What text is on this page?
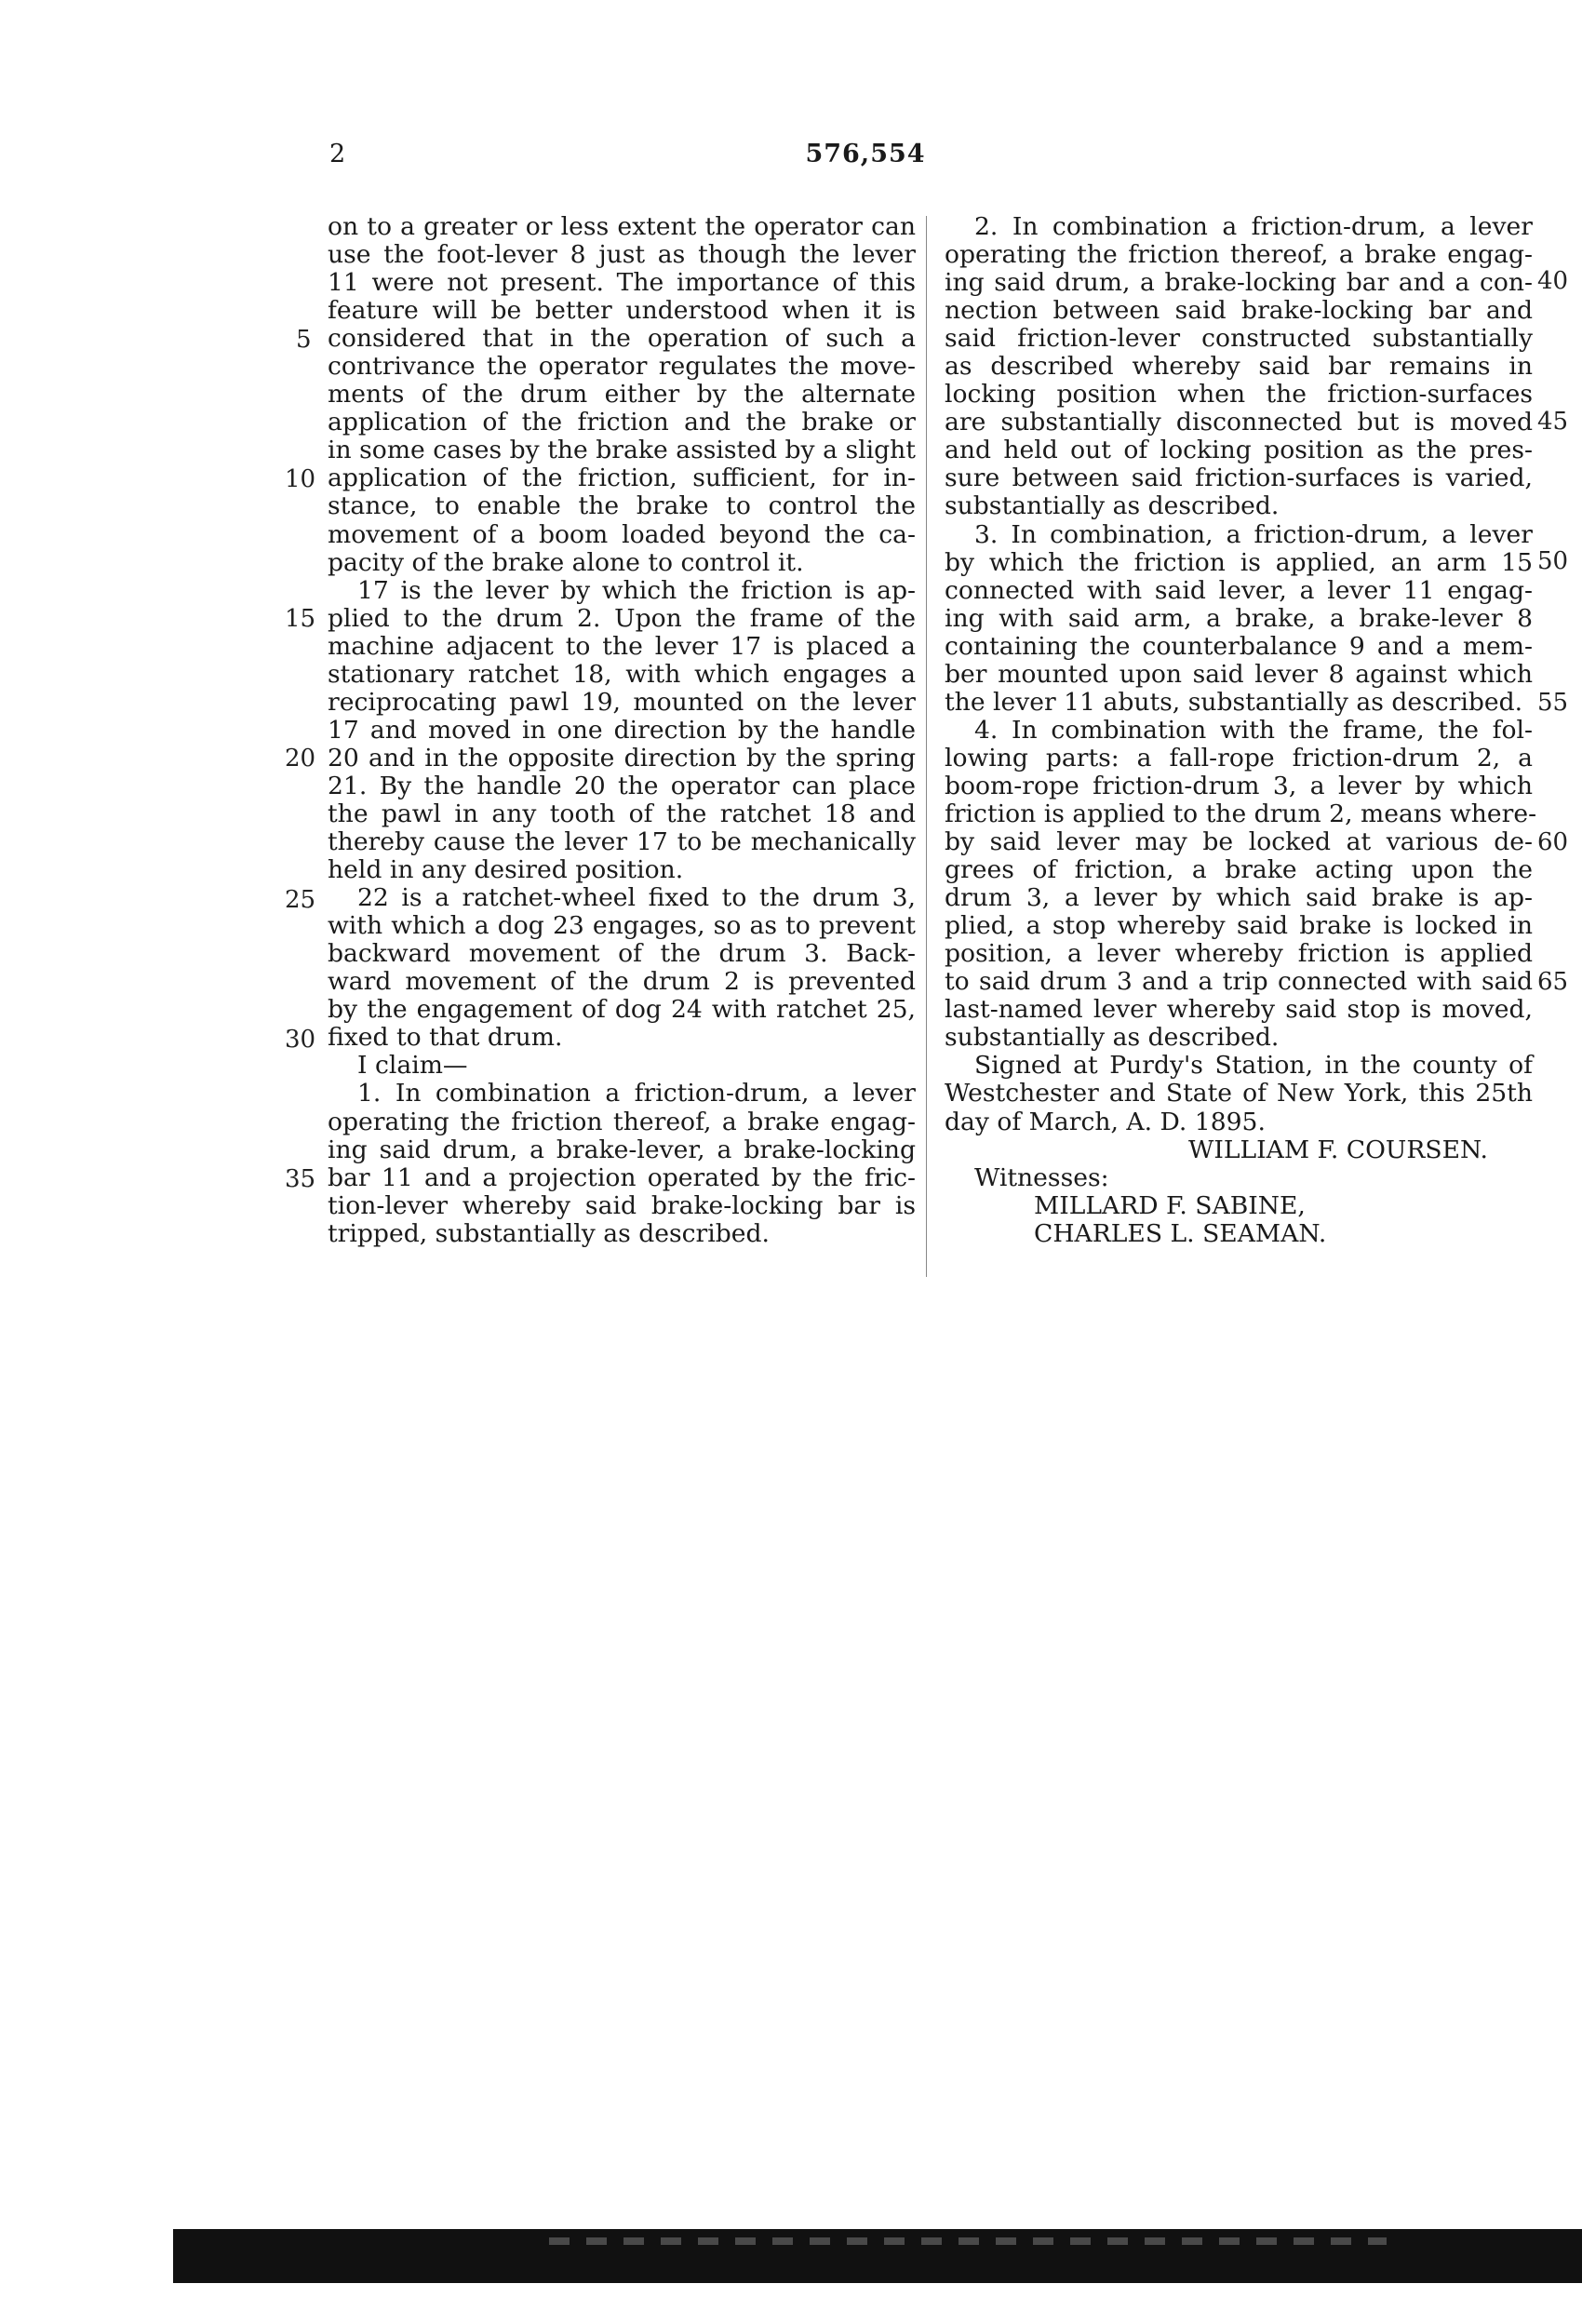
2	576,554
on to a greater or less extent the operator can
use the foot-lever 8 just as though the lever
11 were not present. The importance of this
feature will be better understood when it is
considered that in the operation of such a
contrivance the operator regulates the move-
ments of the drum either by the alternate
application of the friction and the brake or
in some cases by the brake assisted by a slight
application of the friction, sufficient, for in-
stance, to enable the brake to control the
movement of a boom loaded beyond the ca-
pacity of the brake alone to control it.
17 is the lever by which the friction is ap-
plied to the drum 2. Upon the frame of the
machine adjacent to the lever 17 is placed a
stationary ratchet 18, with which engages a
reciprocating pawl 19, mounted on the lever
17 and moved in one direction by the handle
20 and in the opposite direction by the spring
21. By the handle 20 the operator can place
the pawl in any tooth of the ratchet 18 and
thereby cause the lever 17 to be mechanically
held in any desired position.
22 is a ratchet-wheel fixed to the drum 3,
with which a dog 23 engages, so as to prevent
backward movement of the drum 3. Back-
ward movement of the drum 2 is prevented
by the engagement of dog 24 with ratchet 25,
fixed to that drum.
I claim—
1. In combination a friction-drum, a lever
operating the friction thereof, a brake engag-
ing said drum, a brake-lever, a brake-locking
bar 11 and a projection operated by the fric-
tion-lever whereby said brake-locking bar is
tripped, substantially as described.
5
10
15
20
25
30
35
2. In combination a friction-drum, a lever
operating the friction thereof, a brake engag-
ing said drum, a brake-locking bar and a con-
nection between said brake-locking bar and
said friction-lever constructed substantially
as described whereby said bar remains in
locking position when the friction-surfaces
are substantially disconnected but is moved
and held out of locking position as the pres-
sure between said friction-surfaces is varied,
substantially as described.
3. In combination, a friction-drum, a lever
by which the friction is applied, an arm 15
connected with said lever, a lever 11 engag-
ing with said arm, a brake, a brake-lever 8
containing the counterbalance 9 and a mem-
ber mounted upon said lever 8 against which
the lever 11 abuts, substantially as described.
4. In combination with the frame, the fol-
lowing parts: a fall-rope friction-drum 2, a
boom-rope friction-drum 3, a lever by which
friction is applied to the drum 2, means where-
by said lever may be locked at various de-
grees of friction, a brake acting upon the
drum 3, a lever by which said brake is ap-
plied, a stop whereby said brake is locked in
position, a lever whereby friction is applied
to said drum 3 and a trip connected with said
last-named lever whereby said stop is moved,
substantially as described.
Signed at Purdy's Station, in the county of
Westchester and State of New York, this 25th
day of March, A. D. 1895.
WILLIAM F. COURSEN.
Witnesses:
MILLARD F. SABINE,
CHARLES L. SEAMAN.
40
45
50
55
60
65
